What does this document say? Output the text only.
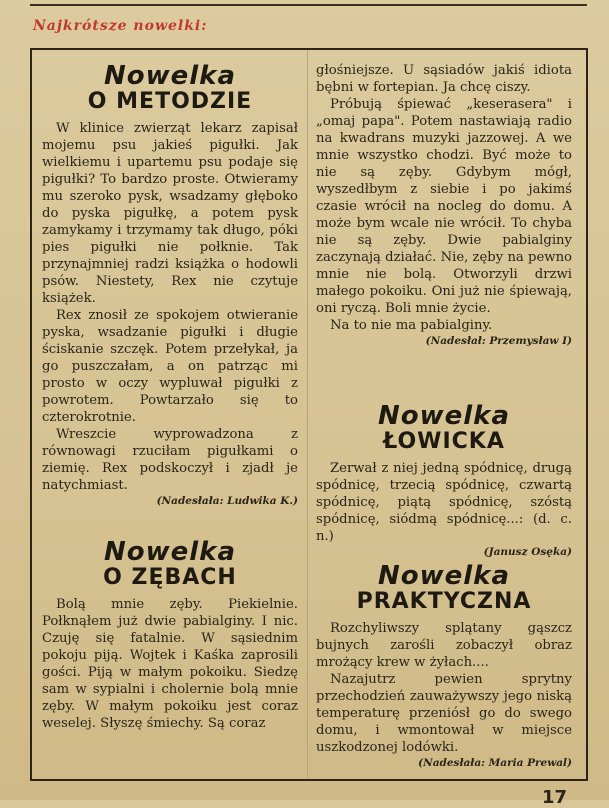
Najkrótsze nowelki:
Nowelka
O METODZIE

W klinice zwierząt lekarz zapisał mojemu psu jakieś pigułki. Jak wielkiemu i upartemu psu podaje się pigułki? To bardzo proste. Otwieramy mu szeroko pysk, wsadzamy głęboko do pyska pigułkę, a potem pysk zamykamy i trzymamy tak długo, póki pies pigułki nie połknie. Tak przynajmniej radzi książka o hodowli psów. Niestety, Rex nie czytuje książek.

Rex znosił ze spokojem otwieranie pyska, wsadzanie pigułki i długie ściskanie szczęk. Potem przełykał, ja go puszczałam, a on patrząc mi prosto w oczy wypluwał pigułki z powrotem. Powtarzało się to czterokrotnie.

Wreszcie wyprowadzona z równowagi rzuciłam pigułkami o ziemię. Rex podskoczył i zjadł je natychmiast.

(Nadesłała: Ludwika K.)
Nowelka
O ZĘBACH

Bolą mnie zęby. Piekielnie. Połknąłem już dwie pabialginy. I nic. Czuję się fatalnie. W sąsiednim pokoju piją. Wojtek i Kaśka zaprosili gości. Piją w małym pokoiku. Siedzę sam w sypialni i cholernie bolą mnie zęby. W małym pokoiku jest coraz weselej. Słyszę śmiechy. Są coraz

głośniejsze. U sąsiadów jakiś idiota bębni w fortepian. Ja chcę ciszy.

Próbują śpiewać „keserasera" i „omaj papa". Potem nastawiają radio na kwadrans muzyki jazzowej. A we mnie wszystko chodzi. Być może to nie są zęby. Gdybym mógł, wyszedłbym z siebie i po jakimś czasie wrócił na nocleg do domu. A może bym wcale nie wrócił. To chyba nie są zęby. Dwie pabialginy zaczynają działać. Nie, zęby na pewno mnie nie bolą. Otworzyli drzwi małego pokoiku. Oni już nie śpiewają, oni ryczą. Boli mnie życie.

Na to nie ma pabialginy.

(Nadesłał: Przemysław I)
Nowelka
ŁOWICKA

Zerwał z niej jedną spódnicę, drugą spódnicę, trzecią spódnicę, czwartą spódnicę, piątą spódnicę, szóstą spódnicę, siódmą spódnicę...: (d. c. n.)

(Janusz Osęka)
Nowelka
PRAKTYCZNA

Rozchyliwszy splątany gąszcz bujnych zarośli zobaczył obraz mrożący krew w żyłach....

Nazajutrz pewien sprytny przechodzień zauważywszy jego niską temperaturę przeniósł go do swego domu, i wmontował w miejsce uszkodzonej lodówki.

(Nadesłała: Maria Prewal)
17
